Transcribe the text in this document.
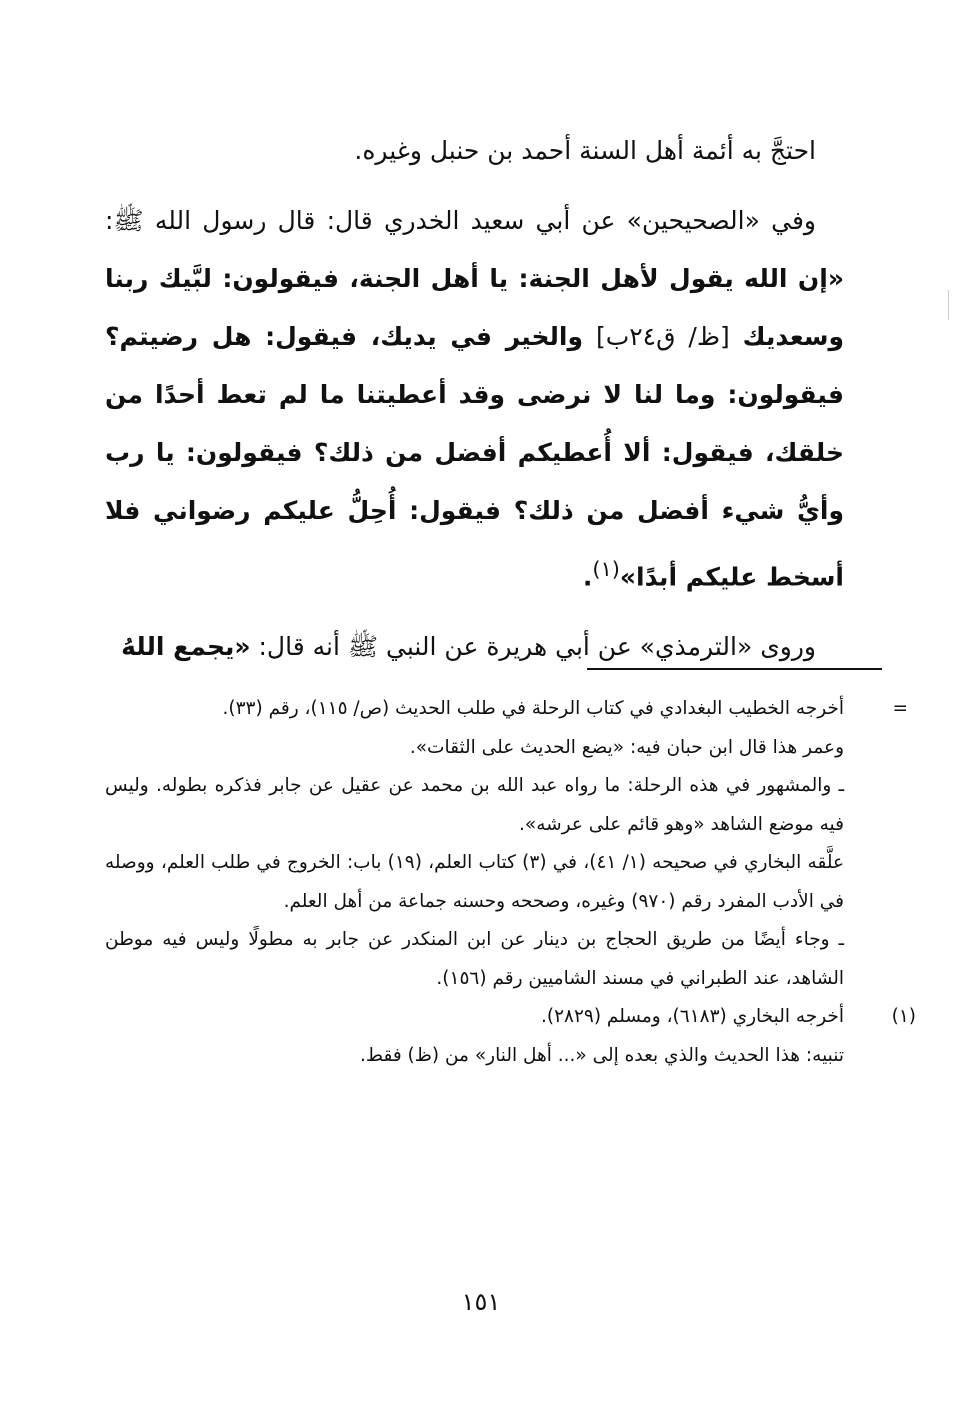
احتجَّ به أئمة أهل السنة أحمد بن حنبل وغيره.

وفي «الصحيحين» عن أبي سعيد الخدري قال: قال رسول الله ﷺ: «إن الله يقول لأهل الجنة: يا أهل الجنة، فيقولون: لبَّيك ربنا وسعديك [ظ/ ق٢٤ب] والخير في يديك، فيقول: هل رضيتم؟ فيقولون: وما لنا لا نرضى وقد أعطيتنا ما لم تعط أحدًا من خلقك، فيقول: ألا أُعطيكم أفضل من ذلك؟ فيقولون: يا رب وأيُّ شيء أفضل من ذلك؟ فيقول: أُحِلُّ عليكم رضواني فلا أسخط عليكم أبدًا»$^{(١)}$.

وروى «الترمذي» عن أبي هريرة عن النبي ﷺ أنه قال: «يجمع اللهُ

=
أخرجه الخطيب البغدادي في كتاب الرحلة في طلب الحديث (ص/ ١١٥)، رقم (٣٣).

وعمر هذا قال ابن حبان فيه: «يضع الحديث على الثقات».

ـ والمشهور في هذه الرحلة: ما رواه عبد الله بن محمد عن عقيل عن جابر فذكره بطوله. وليس فيه موضع الشاهد «وهو قائم على عرشه».

علَّقه البخاري في صحيحه (١/ ٤١)، في (٣) كتاب العلم، (١٩) باب: الخروج في طلب العلم، ووصله في الأدب المفرد رقم (٩٧٠) وغيره، وصححه وحسنه جماعة من أهل العلم.

ـ وجاء أيضًا من طريق الحجاج بن دينار عن ابن المنكدر عن جابر به مطولًا وليس فيه موطن الشاهد، عند الطبراني في مسند الشاميين رقم (١٥٦).

(١)
أخرجه البخاري (٦١٨٣)، ومسلم (٢٨٢٩).

تنبيه: هذا الحديث والذي بعده إلى «... أهل النار» من (ظ) فقط.

١٥١
